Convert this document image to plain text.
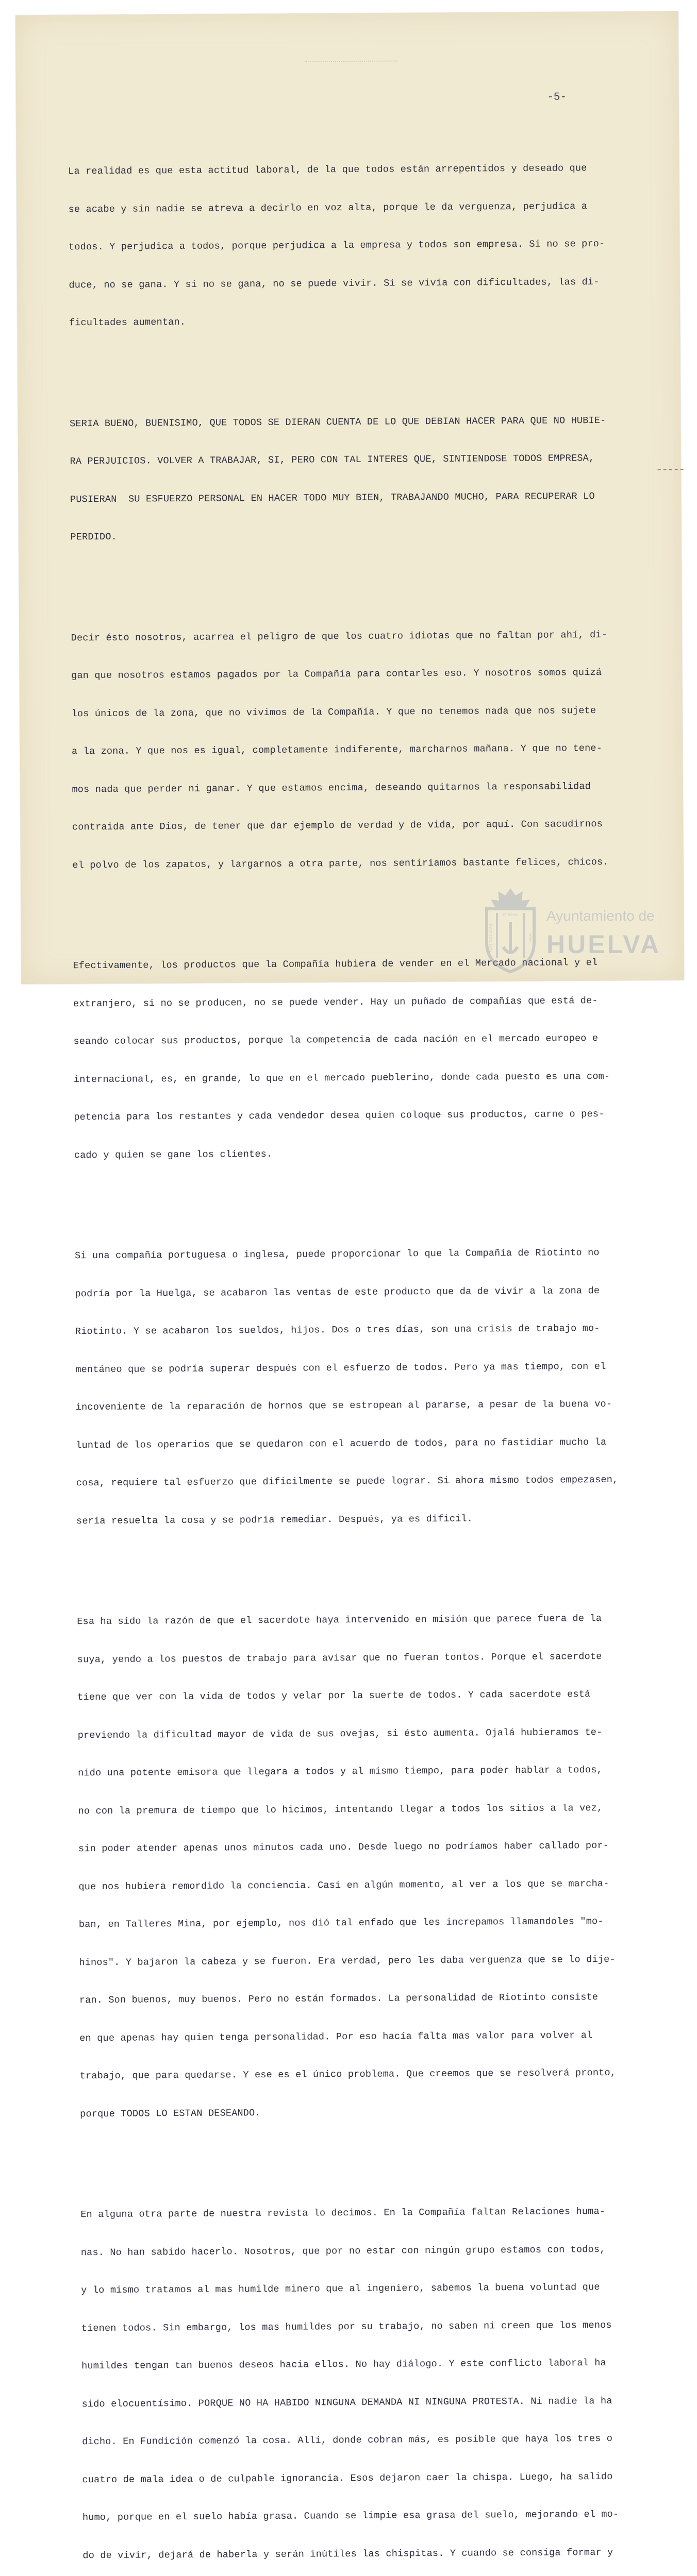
-5-

La realidad es que esta actitud laboral, de la que todos están arrepentidos y deseado que

se acabe y sin nadie se atreva a decirlo en voz alta, porque le da verguenza, perjudica a

todos. Y perjudica a todos, porque perjudica a la empresa y todos son empresa. Si no se pro-

duce, no se gana. Y si no se gana, no se puede vivir. Si se vivía con dificultades, las di-

ficultades aumentan.

SERIA BUENO, BUENISIMO, QUE TODOS SE DIERAN CUENTA DE LO QUE DEBIAN HACER PARA QUE NO HUBIE-

RA PERJUICIOS. VOLVER A TRABAJAR, SI, PERO CON TAL INTERES QUE, SINTIENDOSE TODOS EMPRESA,

PUSIERAN  SU ESFUERZO PERSONAL EN HACER TODO MUY BIEN, TRABAJANDO MUCHO, PARA RECUPERAR LO

PERDIDO.

Decir ésto nosotros, acarrea el peligro de que los cuatro idiotas que no faltan por ahí, di-

gan que nosotros estamos pagados por la Compañía para contarles eso. Y nosotros somos quizá

los únicos de la zona, que no vivimos de la Compañía. Y que no tenemos nada que nos sujete

a la zona. Y que nos es igual, completamente indiferente, marcharnos mañana. Y que no tene-

mos nada que perder ni ganar. Y que estamos encima, deseando quitarnos la responsabilidad

contraida ante Dios, de tener que dar ejemplo de verdad y de vida, por aquí. Con sacudirnos

el polvo de los zapatos, y largarnos a otra parte, nos sentiríamos bastante felices, chicos.

Efectivamente, los productos que la Compañía hubiera de vender en el Mercado nacional y el

extranjero, si no se producen, no se puede vender. Hay un puñado de compañías que está de-

seando colocar sus productos, porque la competencia de cada nación en el mercado europeo e

internacional, es, en grande, lo que en el mercado pueblerino, donde cada puesto es una com-

petencia para los restantes y cada vendedor desea quien coloque sus productos, carne o pes-

cado y quien se gane los clientes.

Si una compañía portuguesa o inglesa, puede proporcionar lo que la Compañía de Riotinto no

podría por la Huelga, se acabaron las ventas de este producto que da de vivir a la zona de

Riotinto. Y se acabaron los sueldos, hijos. Dos o tres días, son una crisis de trabajo mo-

mentáneo que se podría superar después con el esfuerzo de todos. Pero ya mas tiempo, con el

incoveniente de la reparación de hornos que se estropean al pararse, a pesar de la buena vo-

luntad de los operarios que se quedaron con el acuerdo de todos, para no fastidiar mucho la

cosa, requiere tal esfuerzo que dificilmente se puede lograr. Si ahora mismo todos empezasen,

sería resuelta la cosa y se podría remediar. Después, ya es dificil.

Esa ha sido la razón de que el sacerdote haya intervenido en misión que parece fuera de la

suya, yendo a los puestos de trabajo para avisar que no fueran tontos. Porque el sacerdote

tiene que ver con la vida de todos y velar por la suerte de todos. Y cada sacerdote está

previendo la dificultad mayor de vida de sus ovejas, si ésto aumenta. Ojalá hubieramos te-

nido una potente emisora que llegara a todos y al mismo tiempo, para poder hablar a todos,

no con la premura de tiempo que lo hicimos, intentando llegar a todos los sitios a la vez,

sin poder atender apenas unos minutos cada uno. Desde luego no podríamos haber callado por-

que nos hubiera remordido la conciencia. Casi en algún momento, al ver a los que se marcha-

ban, en Talleres Mina, por ejemplo, nos dió tal enfado que les increpamos llamandoles "mo-

hinos". Y bajaron la cabeza y se fueron. Era verdad, pero les daba verguenza que se lo dije-

ran. Son buenos, muy buenos. Pero no están formados. La personalidad de Riotinto consiste

en que apenas hay quien tenga personalidad. Por eso hacía falta mas valor para volver al

trabajo, que para quedarse. Y ese es el único problema. Que creemos que se resolverá pronto,

porque TODOS LO ESTAN DESEANDO.

En alguna otra parte de nuestra revista lo decimos. En la Compañía faltan Relaciones huma-

nas. No han sabido hacerlo. Nosotros, que por no estar con ningún grupo estamos con todos,

y lo mismo tratamos al mas humilde minero que al ingeniero, sabemos la buena voluntad que

tienen todos. Sin embargo, los mas humildes por su trabajo, no saben ni creen que los menos

humildes tengan tan buenos deseos hacia ellos. No hay diálogo. Y este conflicto laboral ha

sido elocuentísimo. PORQUE NO HA HABIDO NINGUNA DEMANDA NI NINGUNA PROTESTA. Ni nadie la ha

dicho. En Fundición comenzó la cosa. Allí, donde cobran más, es posible que haya los tres o

cuatro de mala idea o de culpable ignorancia. Esos dejaron caer la chispa. Luego, ha salido

humo, porque en el suelo había grasa. Cuando se limpie esa grasa del suelo, mejorando el mo-

do de vivir, dejará de haberla y serán inútiles las chispitas. Y cuando se consiga formar y

ET TERRA
FORTITUDO MARIS	VIRGO
Ayuntamiento de
HUELVA
